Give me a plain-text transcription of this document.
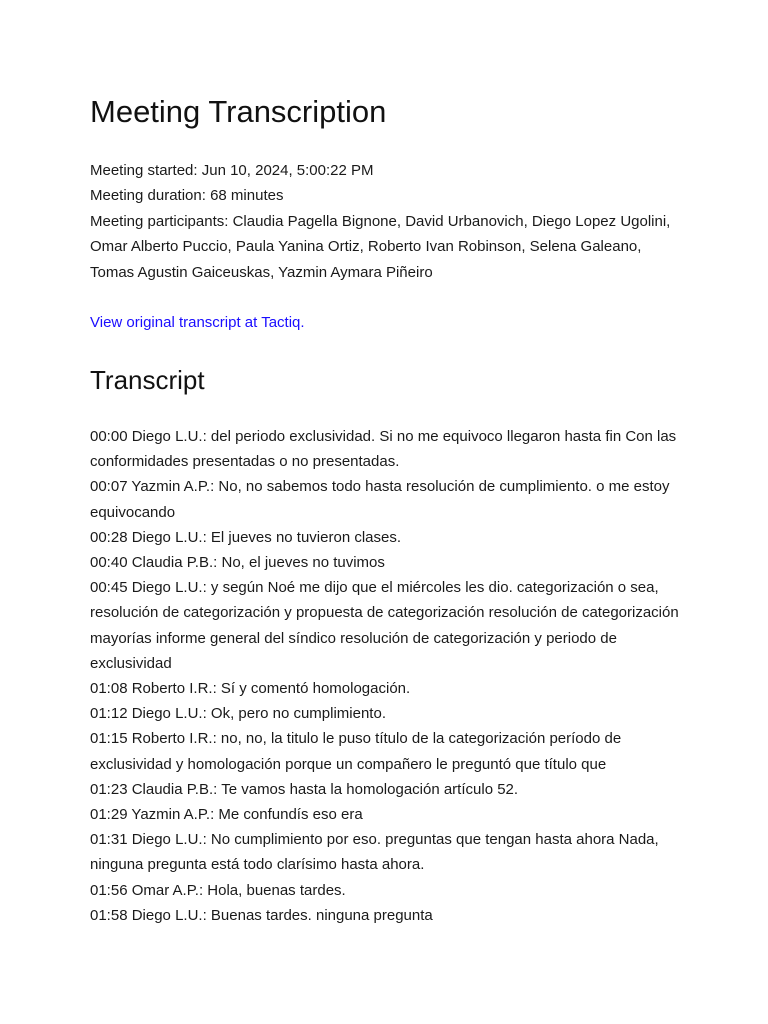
Meeting Transcription

Meeting started: Jun 10, 2024, 5:00:22 PM

Meeting duration: 68 minutes

Meeting participants: Claudia Pagella Bignone, David Urbanovich, Diego Lopez Ugolini, Omar Alberto Puccio, Paula Yanina Ortiz, Roberto Ivan Robinson, Selena Galeano, Tomas Agustin Gaiceuskas, Yazmin Aymara Piñeiro

View original transcript at Tactiq.
Transcript

00:00 Diego L.U.: del periodo exclusividad. Si no me equivoco llegaron hasta fin Con las conformidades presentadas o no presentadas.

00:07 Yazmin A.P.: No, no sabemos todo hasta resolución de cumplimiento. o me estoy equivocando

00:28 Diego L.U.: El jueves no tuvieron clases.

00:40 Claudia P.B.: No, el jueves no tuvimos

00:45 Diego L.U.: y según Noé me dijo que el miércoles les dio. categorización o sea, resolución de categorización y propuesta de categorización resolución de categorización mayorías informe general del síndico resolución de categorización y periodo de exclusividad

01:08 Roberto I.R.: Sí y comentó homologación.

01:12 Diego L.U.: Ok, pero no cumplimiento.

01:15 Roberto I.R.: no, no, la titulo le puso título de la categorización período de exclusividad y homologación porque un compañero le preguntó que título que

01:23 Claudia P.B.: Te vamos hasta la homologación artículo 52.

01:29 Yazmin A.P.: Me confundís eso era

01:31 Diego L.U.: No cumplimiento por eso. preguntas que tengan hasta ahora Nada, ninguna pregunta está todo clarísimo hasta ahora.

01:56 Omar A.P.: Hola, buenas tardes.

01:58 Diego L.U.: Buenas tardes. ninguna pregunta
